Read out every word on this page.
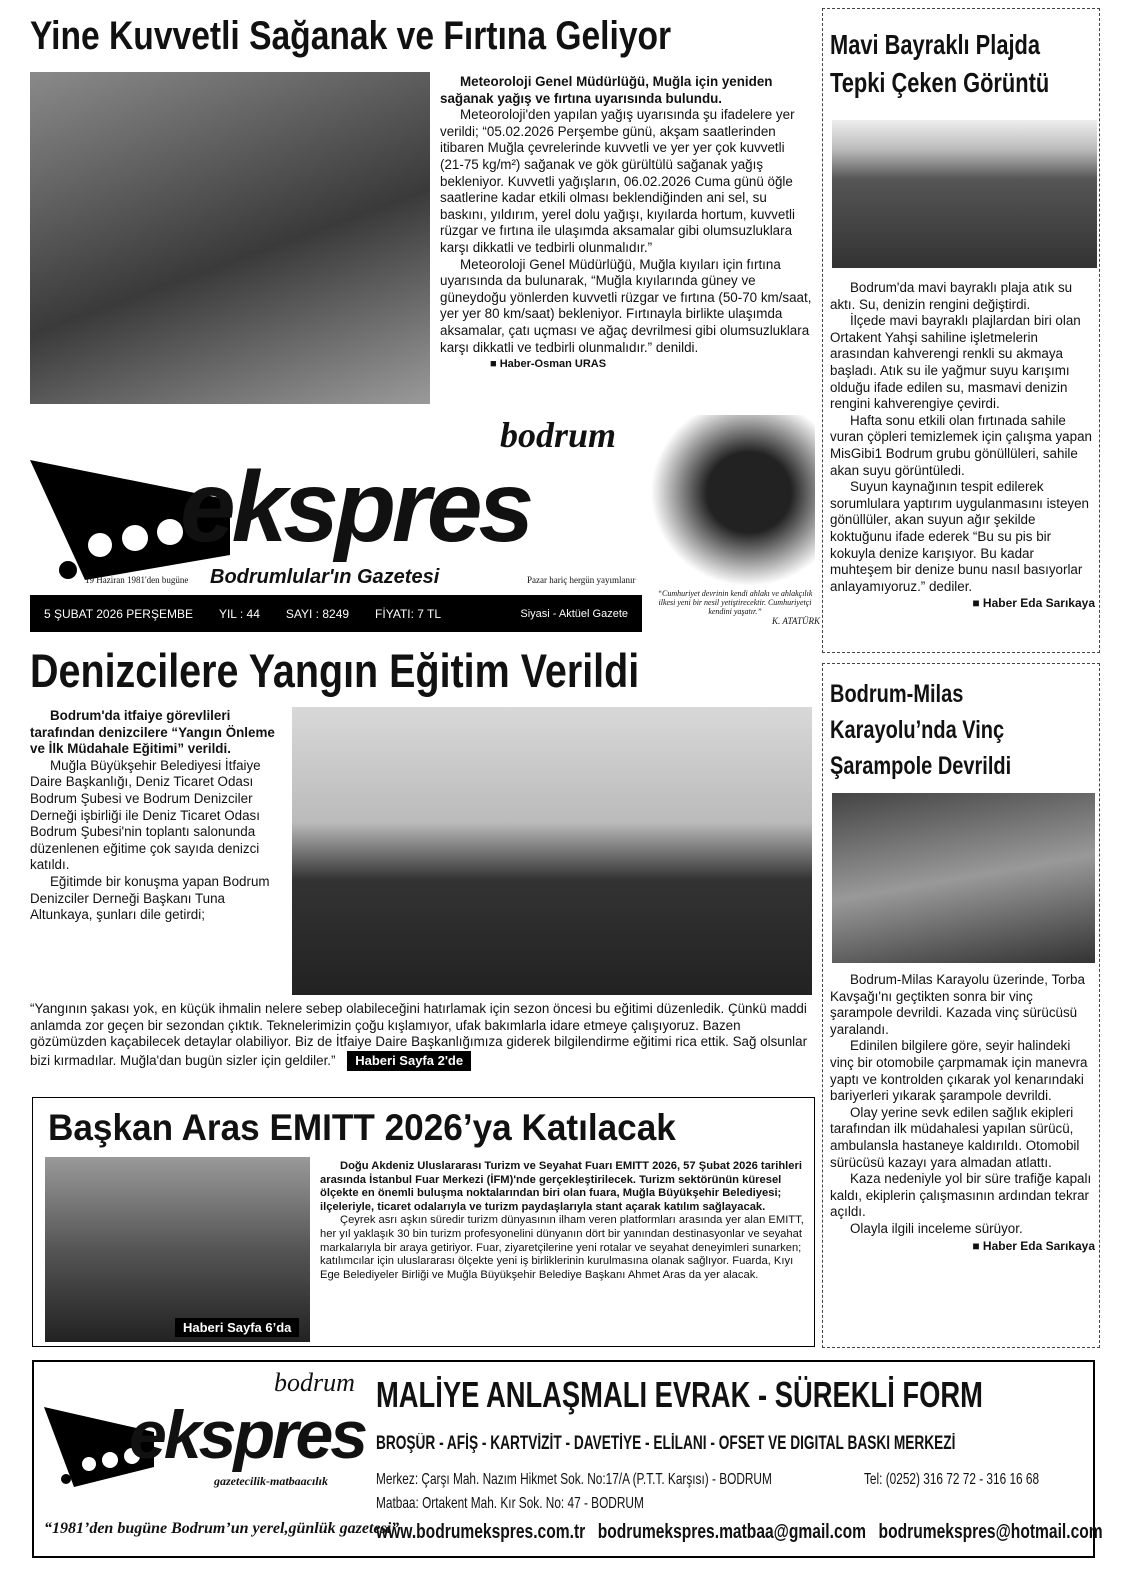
Yine Kuvvetli Sağanak ve Fırtına Geliyor

Meteoroloji Genel Müdürlüğü, Muğla için yeniden sağanak yağış ve fırtına uyarısında bulundu.

Meteoroloji'den yapılan yağış uyarısında şu ifadelere yer verildi; “05.02.2026 Perşembe günü, akşam saatlerinden itibaren Muğla çevrelerinde kuvvetli ve yer yer çok kuvvetli (21-75 kg/m²) sağanak ve gök gürültülü sağanak yağış bekleniyor. Kuvvetli yağışların, 06.02.2026 Cuma günü öğle saatlerine kadar etkili olması beklendiğinden ani sel, su baskını, yıldırım, yerel dolu yağışı, kıyılarda hortum, kuvvetli rüzgar ve fırtına ile ulaşımda aksamalar gibi olumsuzluklara karşı dikkatli ve tedbirli olunmalıdır.”

Meteoroloji Genel Müdürlüğü, Muğla kıyıları için fırtına uyarısında da bulunarak, “Muğla kıyılarında güney ve güneydoğu yönlerden kuvvetli rüzgar ve fırtına (50-70 km/saat, yer yer 80 km/saat) bekleniyor. Fırtınayla birlikte ulaşımda aksamalar, çatı uçması ve ağaç devrilmesi gibi olumsuzluklara karşı dikkatli ve tedbirli olunmalıdır.” denildi.

■ Haber-Osman URAS
bodrum
ekspres
19 Haziran 1981'den bugüne Bodrumlular'ın Gazetesi	Pazar hariç hergün yayımlanır
5 ŞUBAT 2026 PERŞEMBE YIL : 44 SAYI : 8249 FİYATI: 7 TL	Siyasi - Aktüel Gazete
“Cumhuriyet devrinin kendi ahlakı ve ahlakçılık ilkesi yeni bir nesil yetiştirecektir. Cumhuriyetçi kendini yaşatır.”
K. ATATÜRK
Denizcilere Yangın Eğitim Verildi

Bodrum'da itfaiye görevlileri tarafından denizcilere “Yangın Önleme ve İlk Müdahale Eğitimi” verildi.

Muğla Büyükşehir Belediyesi İtfaiye Daire Başkanlığı, Deniz Ticaret Odası Bodrum Şubesi ve Bodrum Denizciler Derneği işbirliği ile Deniz Ticaret Odası Bodrum Şubesi'nin toplantı salonunda düzenlenen eğitime çok sayıda denizci katıldı.

Eğitimde bir konuşma yapan Bodrum Denizciler Derneği Başkanı Tuna Altunkaya, şunları dile getirdi;

“Yangının şakası yok, en küçük ihmalin nelere sebep olabileceğini hatırlamak için sezon öncesi bu eğitimi düzenledik. Çünkü maddi anlamda zor geçen bir sezondan çıktık. Teknelerimizin çoğu kışlamıyor, ufak bakımlarla idare etmeye çalışıyoruz. Bazen gözümüzden kaçabilecek detaylar olabiliyor. Biz de İtfaiye Daire Başkanlığımıza giderek bilgilendirme eğitimi rica ettik. Sağ olsunlar bizi kırmadılar. Muğla'dan bugün sizler için geldiler.” Haberi Sayfa 2'de
Başkan Aras EMITT 2026’ya Katılacak
Haberi Sayfa 6’da

Doğu Akdeniz Uluslararası Turizm ve Seyahat Fuarı EMITT 2026, 57 Şubat 2026 tarihleri arasında İstanbul Fuar Merkezi (İFM)'nde gerçekleştirilecek. Turizm sektörünün küresel ölçekte en önemli buluşma noktalarından biri olan fuara, Muğla Büyükşehir Belediyesi; ilçeleriyle, ticaret odalarıyla ve turizm paydaşlarıyla stant açarak katılım sağlayacak.

Çeyrek asrı aşkın süredir turizm dünyasının ilham veren platformları arasında yer alan EMITT, her yıl yaklaşık 30 bin turizm profesyonelini dünyanın dört bir yanından destinasyonlar ve seyahat markalarıyla bir araya getiriyor. Fuar, ziyaretçilerine yeni rotalar ve seyahat deneyimleri sunarken; katılımcılar için uluslararası ölçekte yeni iş birliklerinin kurulmasına olanak sağlıyor. Fuarda, Kıyı Ege Belediyeler Birliği ve Muğla Büyükşehir Belediye Başkanı Ahmet Aras da yer alacak.

Mavi Bayraklı Plajda Tepki Çeken Görüntü

Bodrum'da mavi bayraklı plaja atık su aktı. Su, denizin rengini değiştirdi.

İlçede mavi bayraklı plajlardan biri olan Ortakent Yahşi sahiline işletmelerin arasından kahverengi renkli su akmaya başladı. Atık su ile yağmur suyu karışımı olduğu ifade edilen su, masmavi denizin rengini kahverengiye çevirdi.

Hafta sonu etkili olan fırtınada sahile vuran çöpleri temizlemek için çalışma yapan MisGibi1 Bodrum grubu gönüllüleri, sahile akan suyu görüntüledi.

Suyun kaynağının tespit edilerek sorumlulara yaptırım uygulanmasını isteyen gönüllüler, akan suyun ağır şekilde koktuğunu ifade ederek “Bu su pis bir kokuyla denize karışıyor. Bu kadar muhteşem bir denize bunu nasıl basıyorlar anlayamıyoruz.” dediler.

■ Haber Eda Sarıkaya
Bodrum-Milas Karayolu’nda Vinç Şarampole Devrildi

Bodrum-Milas Karayolu üzerinde, Torba Kavşağı'nı geçtikten sonra bir vinç şarampole devrildi. Kazada vinç sürücüsü yaralandı.

Edinilen bilgilere göre, seyir halindeki vinç bir otomobile çarpmamak için manevra yaptı ve kontrolden çıkarak yol kenarındaki bariyerleri yıkarak şarampole devrildi.

Olay yerine sevk edilen sağlık ekipleri tarafından ilk müdahalesi yapılan sürücü, ambulansla hastaneye kaldırıldı. Otomobil sürücüsü kazayı yara almadan atlattı.

Kaza nedeniyle yol bir süre trafiğe kapalı kaldı, ekiplerin çalışmasının ardından tekrar açıldı.

Olayla ilgili inceleme sürüyor.

■ Haber Eda Sarıkaya
bodrum
ekspres
gazetecilik-matbaacılık
“1981’den bugüne Bodrum’un yerel,günlük gazetesi”
MALİYE ANLAŞMALI EVRAK - SÜREKLİ FORM
BROŞÜR - AFİŞ - KARTVİZİT - DAVETİYE - ELİLANI - OFSET VE DIGITAL BASKI MERKEZİ
Merkez: Çarşı Mah. Nazım Hikmet Sok. No:17/A (P.T.T. Karşısı) - BODRUM	Tel: (0252) 316 72 72 - 316 16 68
Matbaa: Ortakent Mah. Kır Sok. No: 47 - BODRUM
www.bodrumekspres.com.tr bodrumekspres.matbaa@gmail.com bodrumekspres@hotmail.com
